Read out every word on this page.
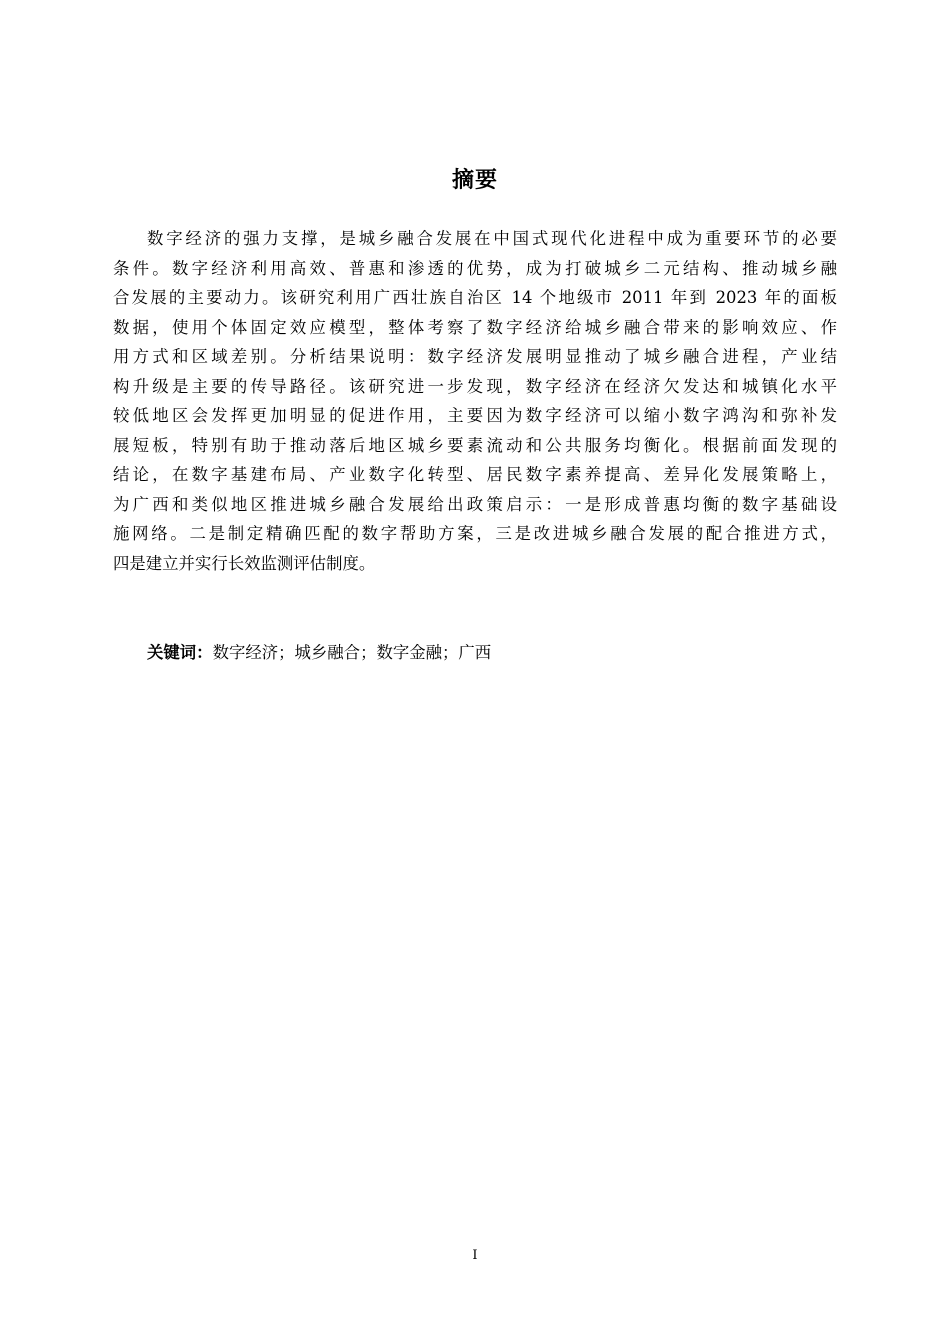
摘要
数字经济的强力支撑，是城乡融合发展在中国式现代化进程中成为重要环节的必要
条件。数字经济利用高效、普惠和渗透的优势，成为打破城乡二元结构、推动城乡融
合发展的主要动力。该研究利用广西壮族自治区 14 个地级市 2011 年到 2023 年的面板
数据，使用个体固定效应模型，整体考察了数字经济给城乡融合带来的影响效应、作
用方式和区域差别。分析结果说明：数字经济发展明显推动了城乡融合进程，产业结
构升级是主要的传导路径。该研究进一步发现，数字经济在经济欠发达和城镇化水平
较低地区会发挥更加明显的促进作用，主要因为数字经济可以缩小数字鸿沟和弥补发
展短板，特别有助于推动落后地区城乡要素流动和公共服务均衡化。根据前面发现的
结论，在数字基建布局、产业数字化转型、居民数字素养提高、差异化发展策略上，
为广西和类似地区推进城乡融合发展给出政策启示：一是形成普惠均衡的数字基础设
施网络。二是制定精确匹配的数字帮助方案，三是改进城乡融合发展的配合推进方式，
四是建立并实行长效监测评估制度。
关键词：数字经济；城乡融合；数字金融；广西
I
